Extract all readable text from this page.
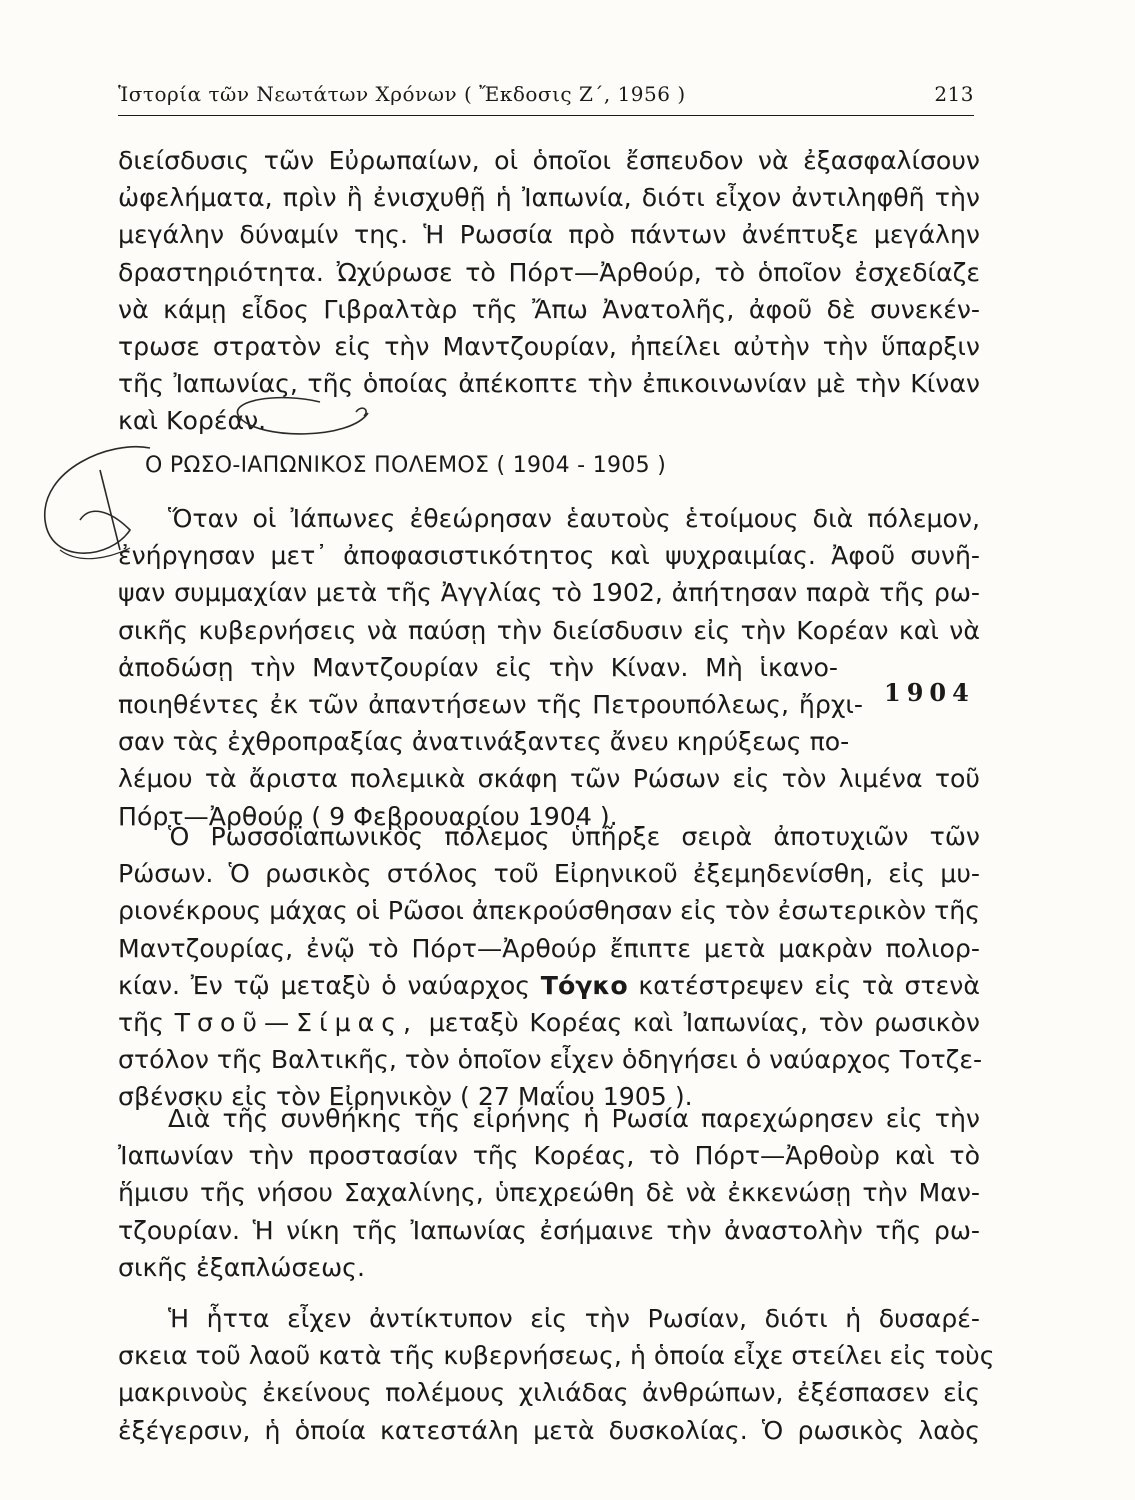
Ἱστορία τῶν Νεωτάτων Χρόνων ( Ἔκδοσις Ζ΄, 1956 )	213
διείσδυσις τῶν Εὐρωπαίων, οἱ ὁποῖοι ἔσπευδον νὰ ἐξασφαλίσουν
ὠφελήματα, πρὶν ἢ ἐνισχυθῇ ἡ Ἰαπωνία, διότι εἶχον ἀντιληφθῆ τὴν
μεγάλην δύναμίν της. Ἡ Ρωσσία πρὸ πάντων ἀνέπτυξε μεγάλην
δραστηριότητα. Ὠχύρωσε τὸ Πόρτ—Ἀρθούρ, τὸ ὁποῖον ἐσχεδίαζε
νὰ κάμῃ εἶδος Γιβραλτὰρ τῆς Ἄπω Ἀνατολῆς, ἀφοῦ δὲ συνεκέν-
τρωσε στρατὸν εἰς τὴν Μαντζουρίαν, ἠπείλει αὐτὴν τὴν ὕπαρξιν
τῆς Ἰαπωνίας, τῆς ὁποίας ἀπέκοπτε τὴν ἐπικοινωνίαν μὲ τὴν Κίναν
καὶ Κορέαν.
Ο ΡΩΣΟ-ΙΑΠΩΝΙΚΟΣ ΠΟΛΕΜΟΣ ( 1904 - 1905 )
Ὅταν οἱ Ἰάπωνες ἐθεώρησαν ἑαυτοὺς ἑτοίμους διὰ πόλεμον,
ἐνήργησαν μετ᾽ ἀποφασιστικότητος καὶ ψυχραιμίας. Ἀφοῦ συνῆ-
ψαν συμμαχίαν μετὰ τῆς Ἀγγλίας τὸ 1902, ἀπήτησαν παρὰ τῆς ρω-
σικῆς κυβερνήσεις νὰ παύσῃ τὴν διείσδυσιν εἰς τὴν Κορέαν καὶ νὰ
ἀποδώσῃ τὴν Μαντζουρίαν εἰς τὴν Κίναν. Μὴ ἱκανο-
ποιηθέντες ἐκ τῶν ἀπαντήσεων τῆς Πετρουπόλεως, ἤρχι-
σαν τὰς ἐχθροπραξίας ἀνατινάξαντες ἄνευ κηρύξεως πο-
λέμου τὰ ἄριστα πολεμικὰ σκάφη τῶν Ρώσων εἰς τὸν λιμένα τοῦ
Πόρτ—Ἀρθούρ ( 9 Φεβρουαρίου 1904 ).
1904
Ὁ Ρωσσοϊαπωνικὸς πόλεμος ὑπῆρξε σειρὰ ἀποτυχιῶν τῶν
Ρώσων. Ὁ ρωσικὸς στόλος τοῦ Εἰρηνικοῦ ἐξεμηδενίσθη, εἰς μυ-
ριονέκρους μάχας οἱ Ρῶσοι ἀπεκρούσθησαν εἰς τὸν ἐσωτερικὸν τῆς
Μαντζουρίας, ἐνῷ τὸ Πόρτ—Ἀρθούρ ἔπιπτε μετὰ μακρὰν πολιορ-
κίαν. Ἐν τῷ μεταξὺ ὁ ναύαρχος Τόγκο κατέστρεψεν εἰς τὰ στενὰ
τῆς Τσοῦ—Σίμας, μεταξὺ Κορέας καὶ Ἰαπωνίας, τὸν ρωσικὸν
στόλον τῆς Βαλτικῆς, τὸν ὁποῖον εἶχεν ὁδηγήσει ὁ ναύαρχος Τοτζε-
σβένσκυ εἰς τὸν Εἰρηνικὸν ( 27 Μαΐου 1905 ).
Διὰ τῆς συνθήκης τῆς εἰρήνης ἡ Ρωσία παρεχώρησεν εἰς τὴν
Ἰαπωνίαν τὴν προστασίαν τῆς Κορέας, τὸ Πόρτ—Ἀρθοὺρ καὶ τὸ
ἥμισυ τῆς νήσου Σαχαλίνης, ὑπεχρεώθη δὲ νὰ ἐκκενώσῃ τὴν Μαν-
τζουρίαν. Ἡ νίκη τῆς Ἰαπωνίας ἐσήμαινε τὴν ἀναστολὴν τῆς ρω-
σικῆς ἐξαπλώσεως.
Ἡ ἧττα εἶχεν ἀντίκτυπον εἰς τὴν Ρωσίαν, διότι ἡ δυσαρέ-
σκεια τοῦ λαοῦ κατὰ τῆς κυβερνήσεως, ἡ ὁποία εἶχε στείλει εἰς τοὺς
μακρινοὺς ἐκείνους πολέμους χιλιάδας ἀνθρώπων, ἐξέσπασεν εἰς
ἐξέγερσιν, ἡ ὁποία κατεστάλη μετὰ δυσκολίας. Ὁ ρωσικὸς λαὸς
